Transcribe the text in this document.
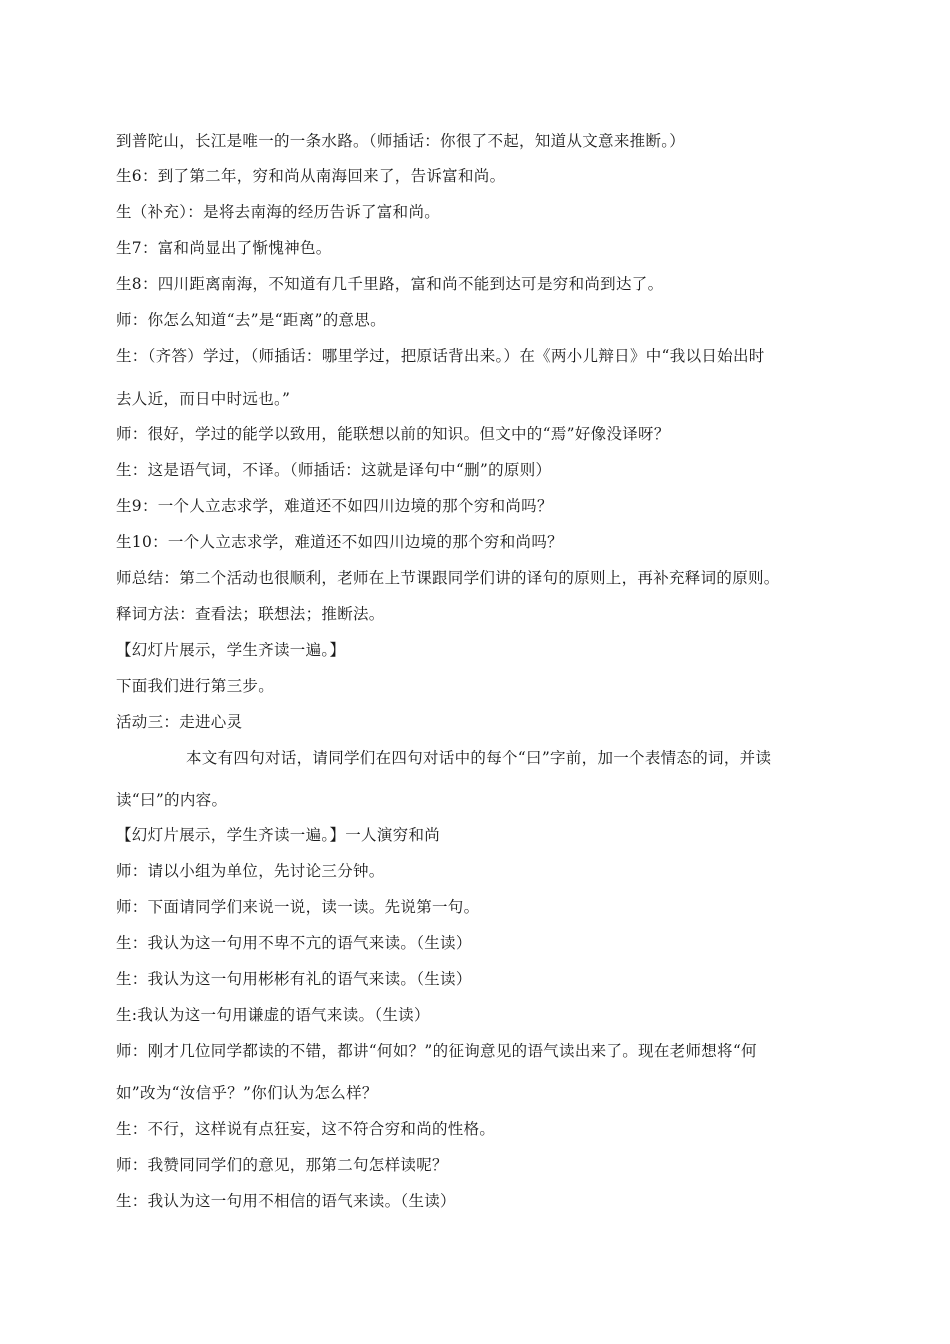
到普陀山，长江是唯一的一条水路。（师插话：你很了不起，知道从文意来推断。）
生6：到了第二年，穷和尚从南海回来了，告诉富和尚。
生（补充）：是将去南海的经历告诉了富和尚。
生7：富和尚显出了惭愧神色。
生8：四川距离南海，不知道有几千里路，富和尚不能到达可是穷和尚到达了。
师：你怎么知道“去”是“距离”的意思。
生：（齐答）学过，（师插话：哪里学过，把原话背出来。）在《两小儿辩日》中“我以日始出时
去人近，而日中时远也。”
师：很好，学过的能学以致用，能联想以前的知识。但文中的“焉”好像没译呀？
生：这是语气词，不译。（师插话：这就是译句中“删”的原则）
生9：一个人立志求学，难道还不如四川边境的那个穷和尚吗？
生10：一个人立志求学，难道还不如四川边境的那个穷和尚吗？
师总结：第二个活动也很顺利，老师在上节课跟同学们讲的译句的原则上，再补充释词的原则。
释词方法：查看法；联想法；推断法。
【幻灯片展示，学生齐读一遍。】
下面我们进行第三步。
活动三：走进心灵
本文有四句对话，请同学们在四句对话中的每个“曰”字前，加一个表情态的词，并读
读“曰”的内容。
【幻灯片展示，学生齐读一遍。】一人演穷和尚
师：请以小组为单位，先讨论三分钟。
师：下面请同学们来说一说，读一读。先说第一句。
生：我认为这一句用不卑不亢的语气来读。（生读）
生：我认为这一句用彬彬有礼的语气来读。（生读）
生:我认为这一句用谦虚的语气来读。（生读）
师：刚才几位同学都读的不错，都讲“何如？”的征询意见的语气读出来了。现在老师想将“何
如”改为“汝信乎？”你们认为怎么样？
生：不行，这样说有点狂妄，这不符合穷和尚的性格。
师：我赞同同学们的意见，那第二句怎样读呢？
生：我认为这一句用不相信的语气来读。（生读）
